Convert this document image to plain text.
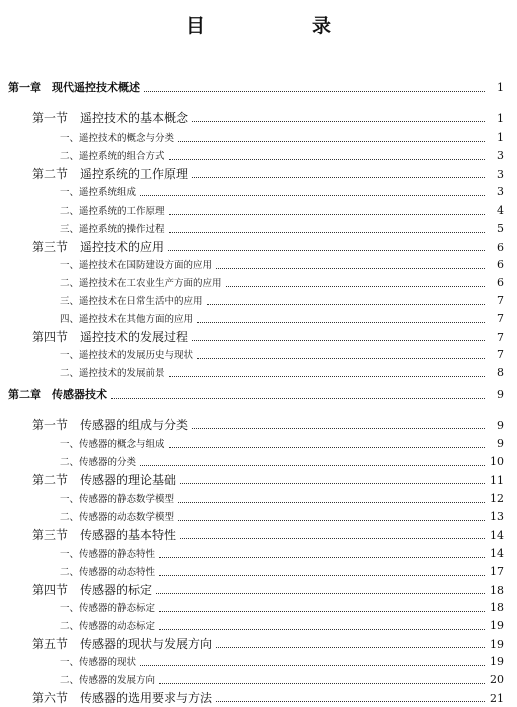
目　录
第一章　现代遥控技术概述	1
第一节　遥控技术的基本概念	1
一、遥控技术的概念与分类	1
二、遥控系统的组合方式	3
第二节　遥控系统的工作原理	3
一、遥控系统组成	3
二、遥控系统的工作原理	4
三、遥控系统的操作过程	5
第三节　遥控技术的应用	6
一、遥控技术在国防建设方面的应用	6
二、遥控技术在工农业生产方面的应用	6
三、遥控技术在日常生活中的应用	7
四、遥控技术在其他方面的应用	7
第四节　遥控技术的发展过程	7
一、遥控技术的发展历史与现状	7
二、遥控技术的发展前景	8
第二章　传感器技术	9
第一节　传感器的组成与分类	9
一、传感器的概念与组成	9
二、传感器的分类	10
第二节　传感器的理论基础	11
一、传感器的静态数学模型	12
二、传感器的动态数学模型	13
第三节　传感器的基本特性	14
一、传感器的静态特性	14
二、传感器的动态特性	17
第四节　传感器的标定	18
一、传感器的静态标定	18
二、传感器的动态标定	19
第五节　传感器的现状与发展方向	19
一、传感器的现状	19
二、传感器的发展方向	20
第六节　传感器的选用要求与方法	21
